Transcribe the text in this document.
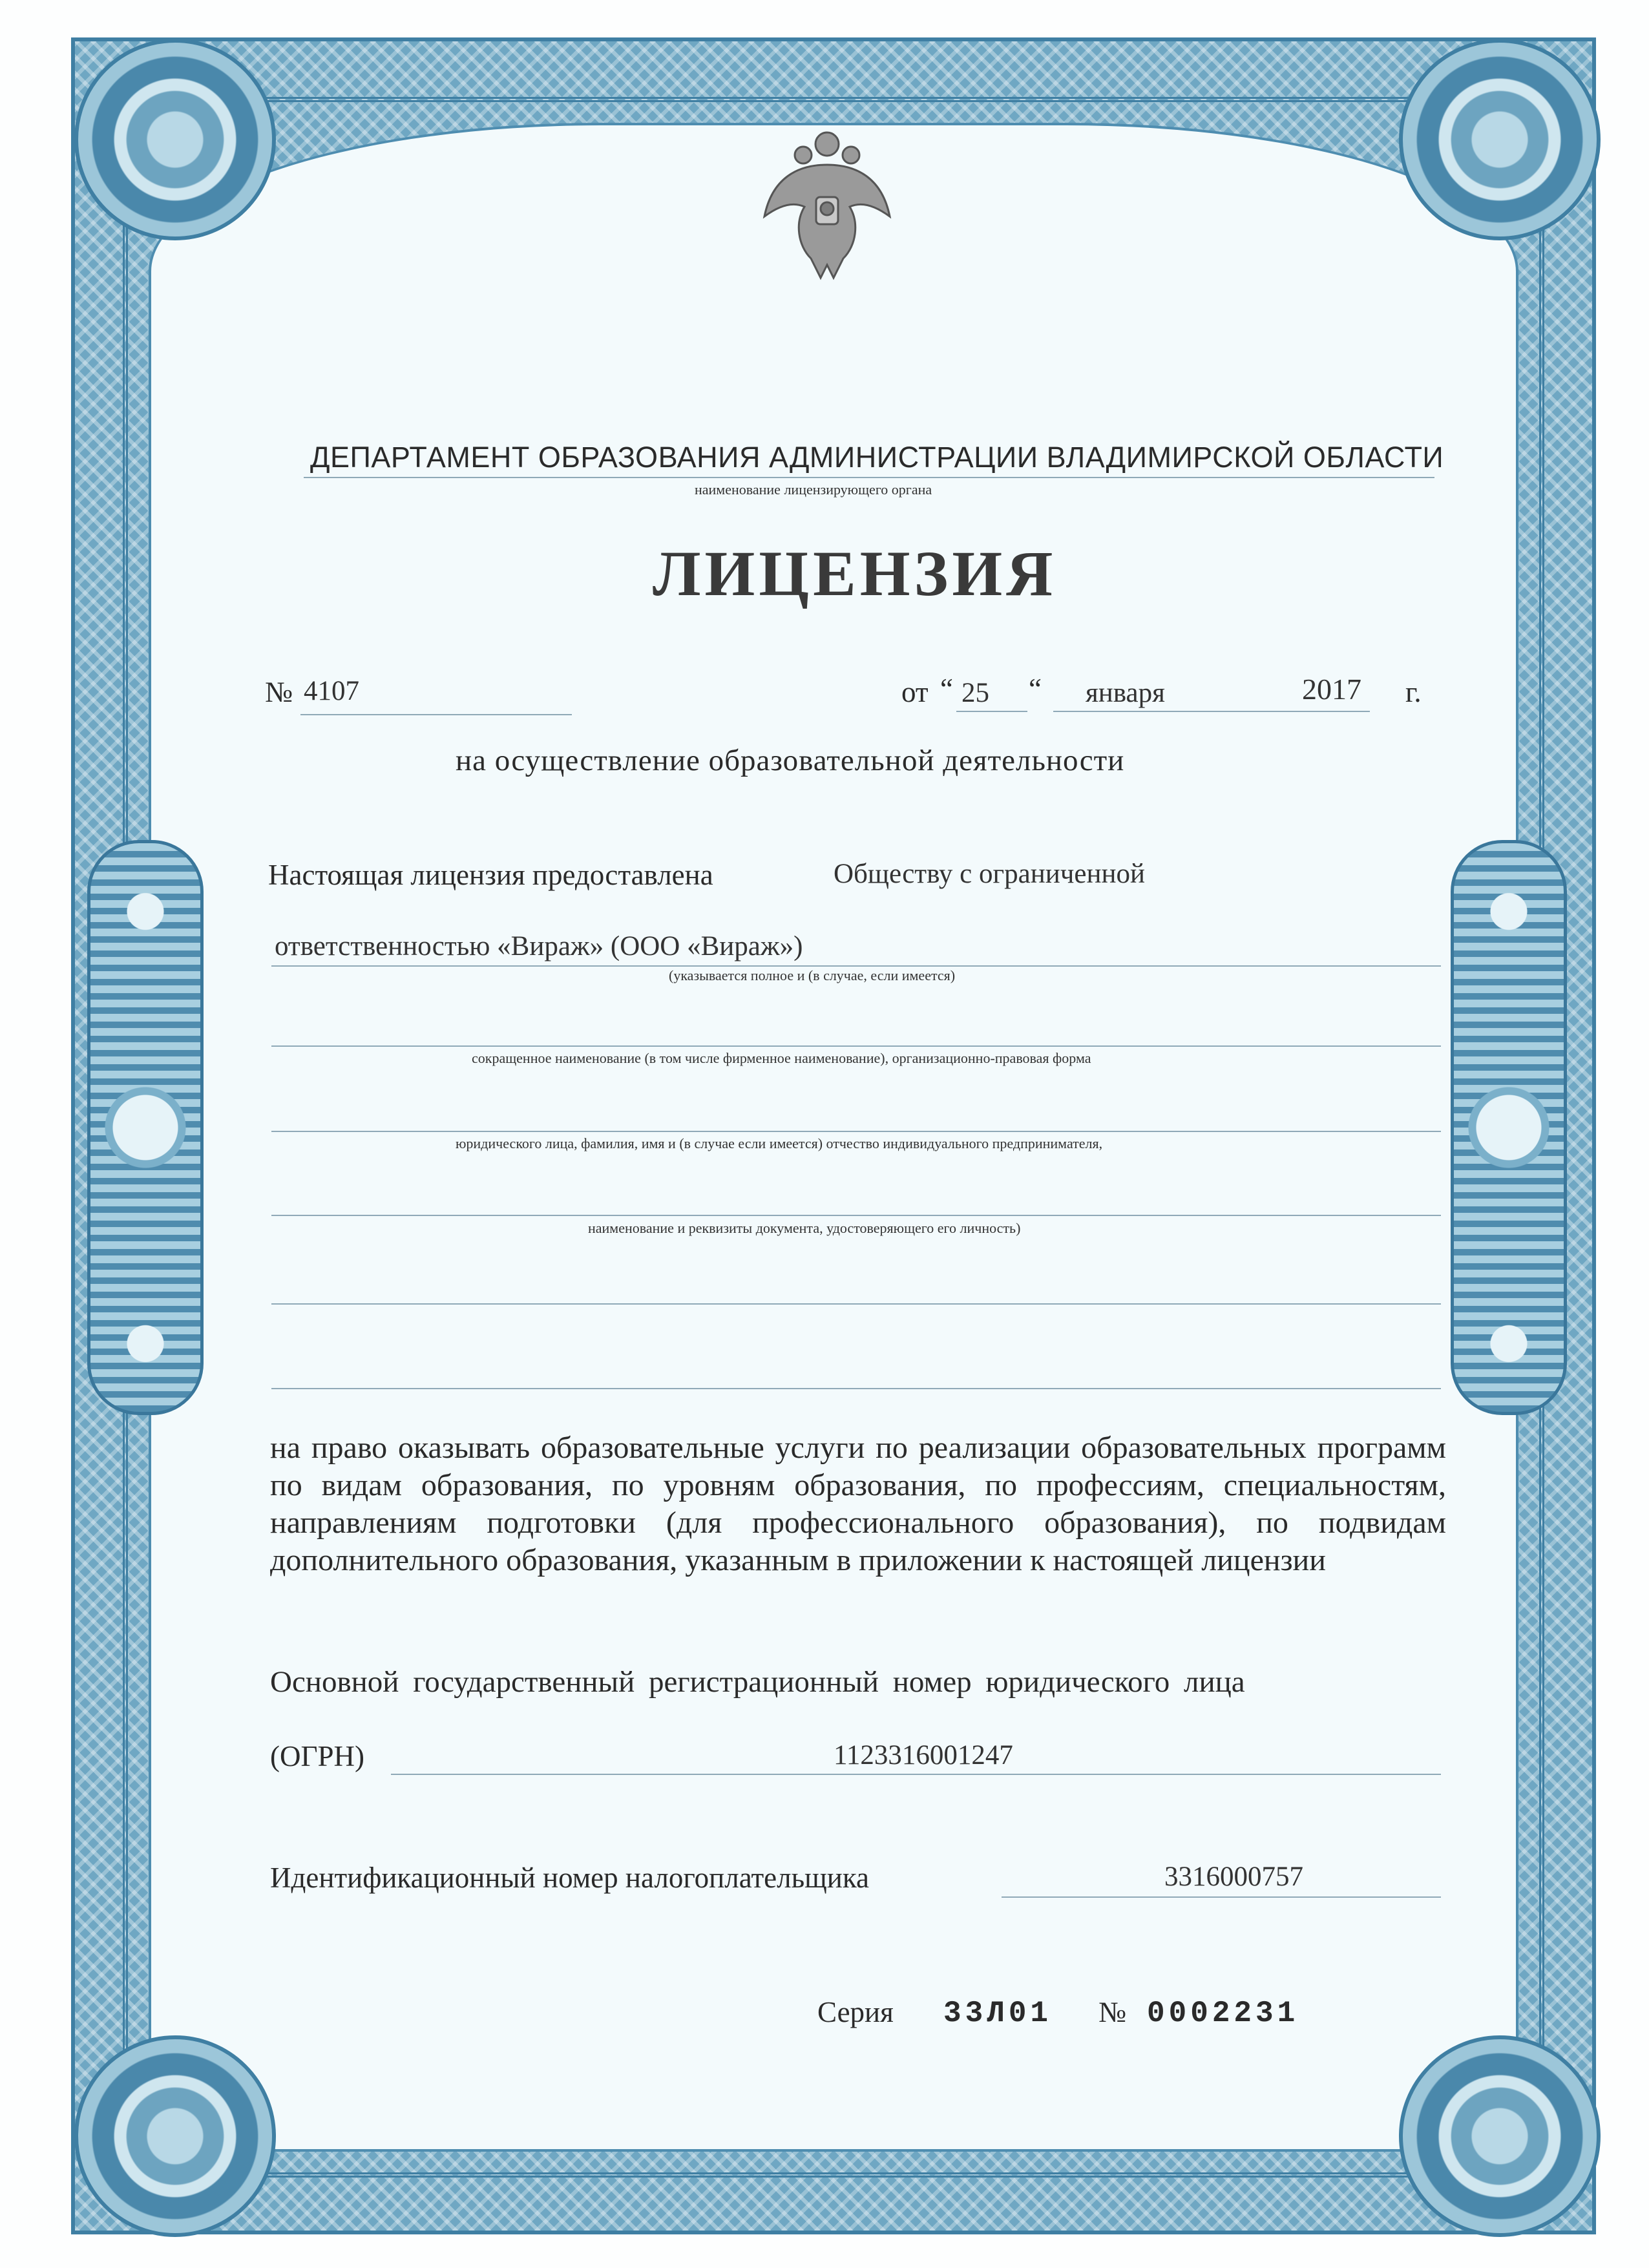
ДЕПАРТАМЕНТ ОБРАЗОВАНИЯ АДМИНИСТРАЦИИ ВЛАДИМИРСКОЙ ОБЛАСТИ
наименование лицензирующего органа
ЛИЦЕНЗИЯ
№ 4107	от “ 25 “ января	2017 г.
на осуществление образовательной деятельности
Настоящая лицензия предоставлена	Обществу с ограниченной
ответственностью «Вираж» (ООО «Вираж»)
(указывается полное и (в случае, если имеется)
сокращенное наименование (в том числе фирменное наименование), организационно-правовая форма
юридического лица, фамилия, имя и (в случае если имеется) отчество индивидуального предпринимателя,
наименование и реквизиты документа, удостоверяющего его личность)
на право оказывать образовательные услуги по реализации образовательных программ по видам образования, по уровням образования, по профессиям, специальностям, направлениям подготовки (для профессионального образования), по подвидам дополнительного образования, указанным в приложении к настоящей лицензии
Основной государственный регистрационный номер юридического лица
(ОГРН)	1123316001247
Идентификационный номер налогоплательщика	3316000757
Серия 33Л01 № 0002231
